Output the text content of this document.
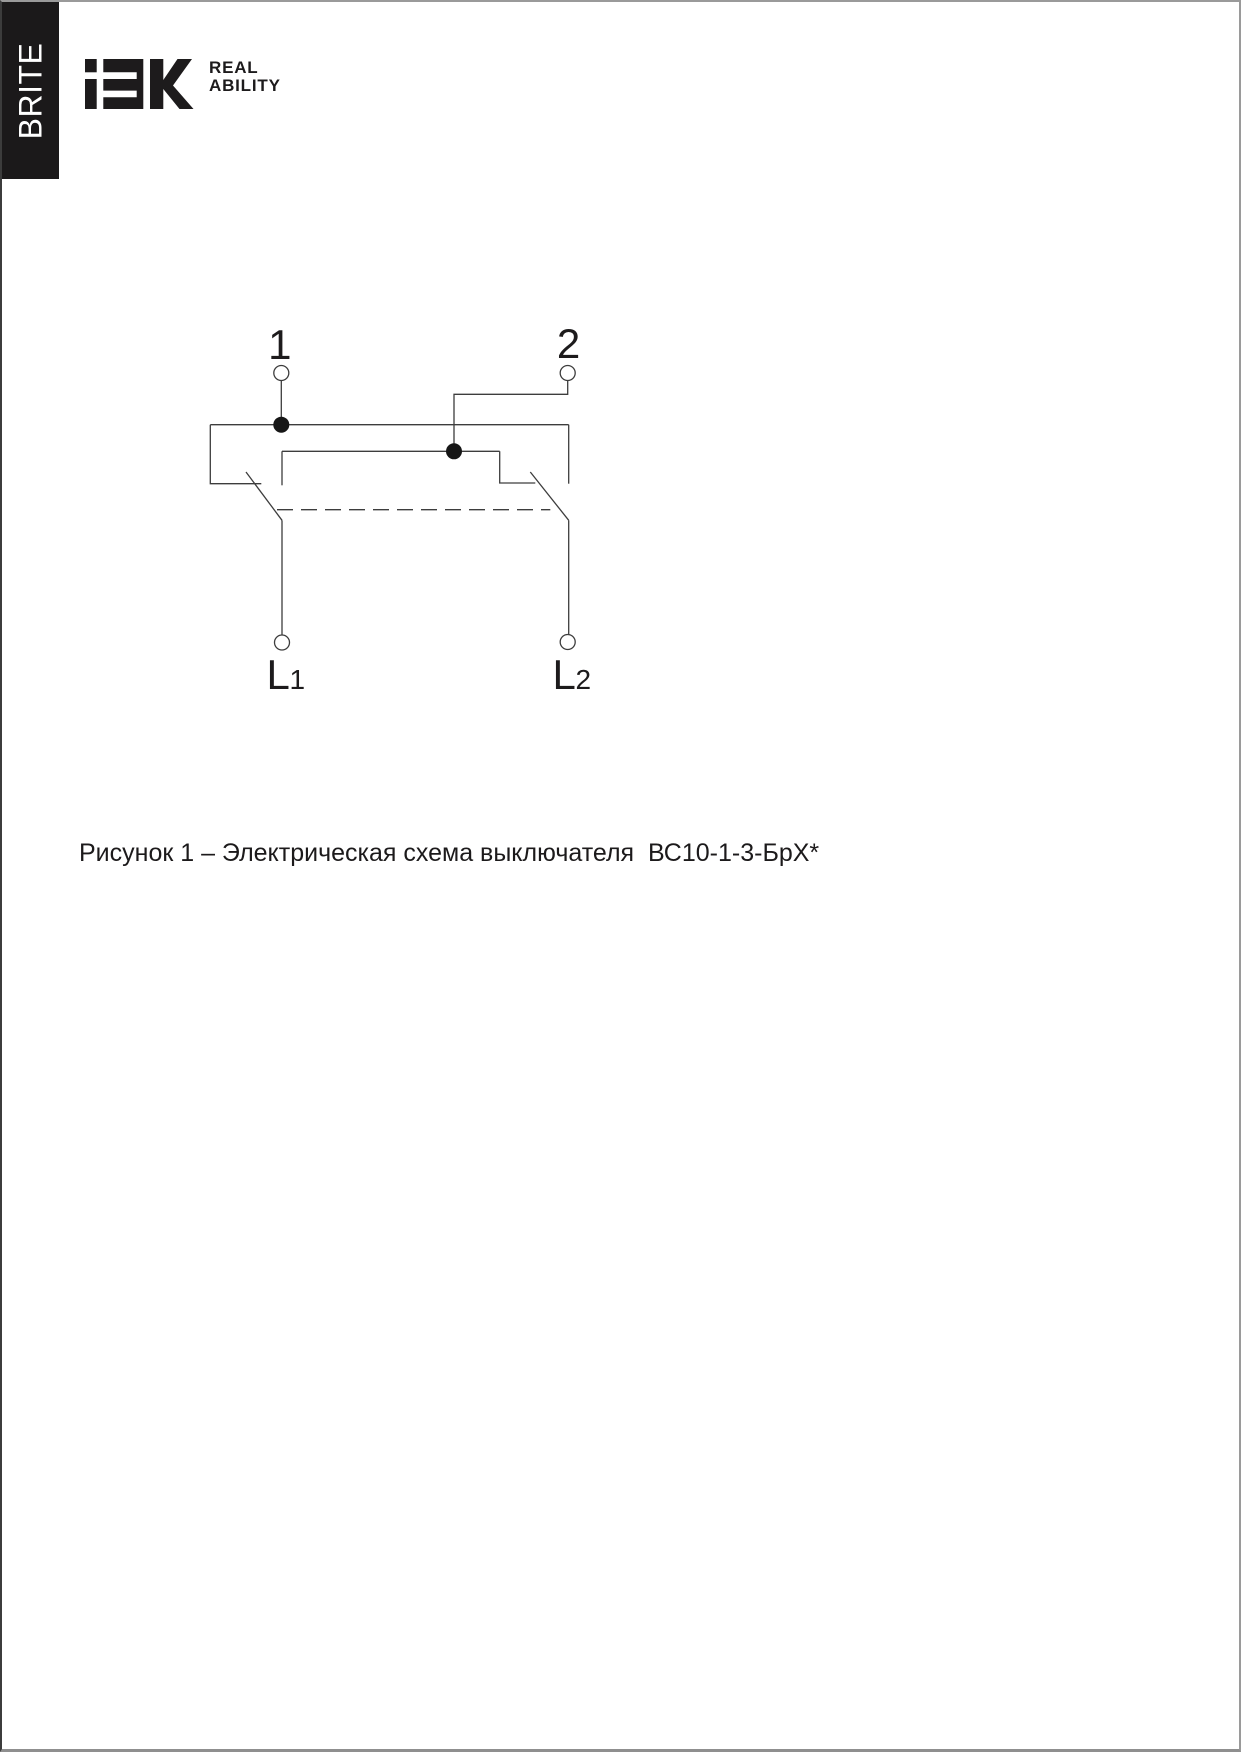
BRITE	REAL
ABILITY
1	2
L 1	L 2
Рисунок 1 – Электрическая схема выключателя  ВС10-1-3-БрХ*
